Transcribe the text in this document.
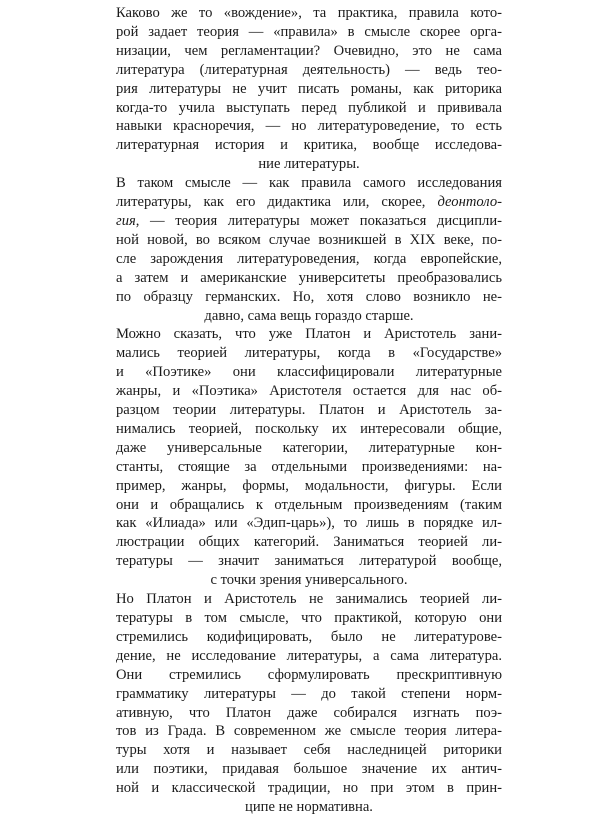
Каково же то «вождение», та практика, правила кото-
рой задает теория — «правила» в смысле скорее орга-
низации, чем регламентации? Очевидно, это не сама
литература (литературная деятельность) — ведь тео-
рия литературы не учит писать романы, как риторика
когда-то учила выступать перед публикой и прививала
навыки красноречия, — но литературоведение, то есть
литературная история и критика, вообще исследова-
ние литературы.
В таком смысле — как правила самого исследования
литературы, как его дидактика или, скорее, деонтоло-
гия, — теория литературы может показаться дисципли-
ной новой, во всяком случае возникшей в XIX веке, по-
сле зарождения литературоведения, когда европейские,
а затем и американские университеты преобразовались
по образцу германских. Но, хотя слово возникло не-
давно, сама вещь гораздо старше.
Можно сказать, что уже Платон и Аристотель зани-
мались теорией литературы, когда в «Государстве»
и «Поэтике» они классифицировали литературные
жанры, и «Поэтика» Аристотеля остается для нас об-
разцом теории литературы. Платон и Аристотель за-
нимались теорией, поскольку их интересовали общие,
даже универсальные категории, литературные кон-
станты, стоящие за отдельными произведениями: на-
пример, жанры, формы, модальности, фигуры. Если
они и обращались к отдельным произведениям (таким
как «Илиада» или «Эдип-царь»), то лишь в порядке ил-
люстрации общих категорий. Заниматься теорией ли-
тературы — значит заниматься литературой вообще,
с точки зрения универсального.
Но Платон и Аристотель не занимались теорией ли-
тературы в том смысле, что практикой, которую они
стремились кодифицировать, было не литературове-
дение, не исследование литературы, а сама литература.
Они стремились сформулировать прескриптивную
грамматику литературы — до такой степени норм-
ативную, что Платон даже собирался изгнать поэ-
тов из Града. В современном же смысле теория литера-
туры хотя и называет себя наследницей риторики
или поэтики, придавая большое значение их антич-
ной и классической традиции, но при этом в прин-
ципе не нормативна.
